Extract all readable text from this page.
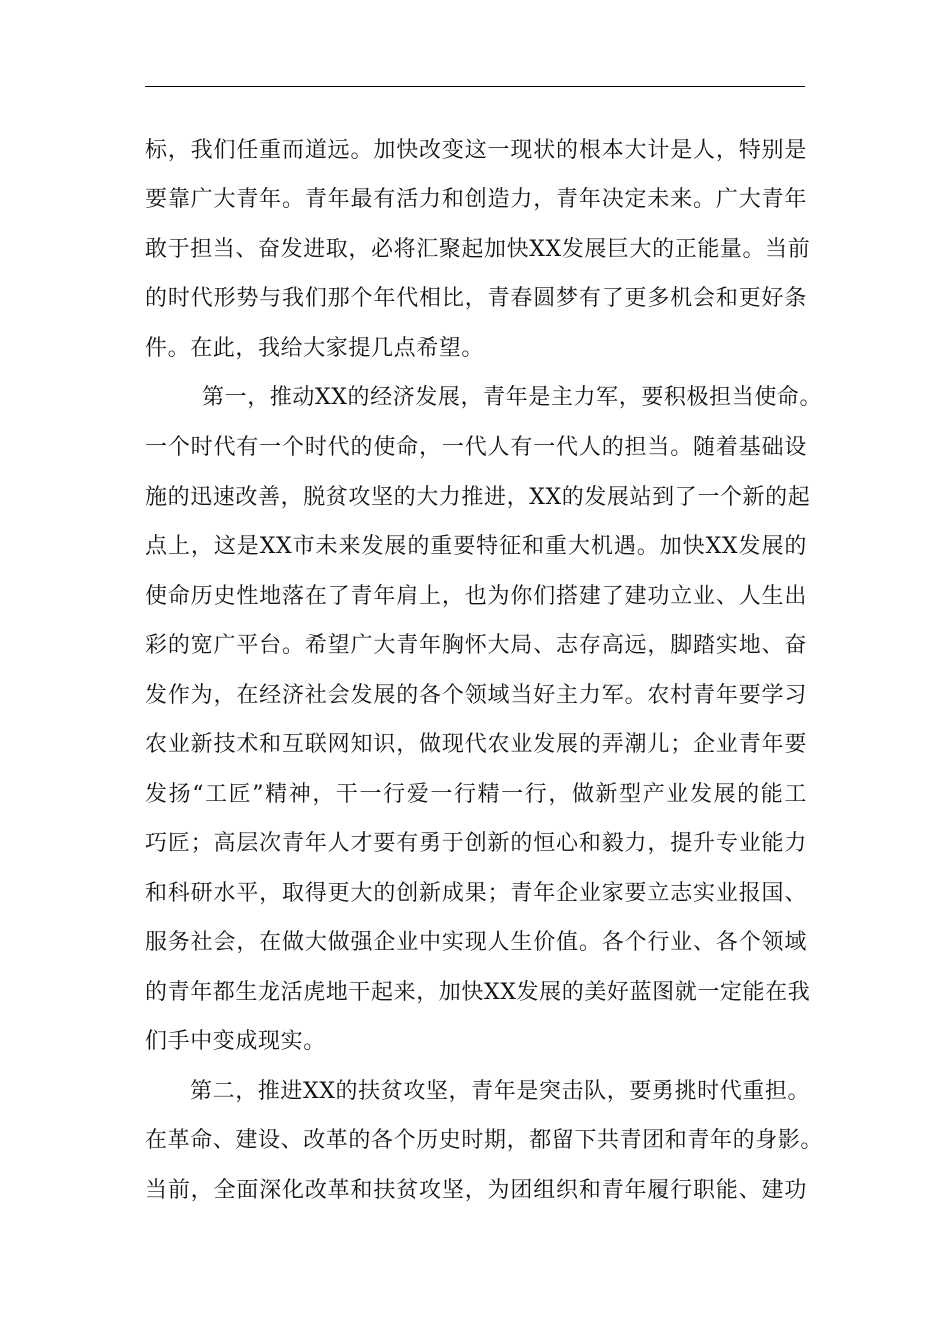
标，我们任重而道远。加快改变这一现状的根本大计是人，特别是
要靠广大青年。青年最有活力和创造力，青年决定未来。广大青年
敢于担当、奋发进取，必将汇聚起加快XX发展巨大的正能量。当前
的时代形势与我们那个年代相比，青春圆梦有了更多机会和更好条
件。在此，我给大家提几点希望。
第一，推动XX的经济发展，青年是主力军，要积极担当使命。
一个时代有一个时代的使命，一代人有一代人的担当。随着基础设
施的迅速改善，脱贫攻坚的大力推进，XX的发展站到了一个新的起
点上，这是XX市未来发展的重要特征和重大机遇。加快XX发展的
使命历史性地落在了青年肩上，也为你们搭建了建功立业、人生出
彩的宽广平台。希望广大青年胸怀大局、志存高远，脚踏实地、奋
发作为，在经济社会发展的各个领域当好主力军。农村青年要学习
农业新技术和互联网知识，做现代农业发展的弄潮儿；企业青年要
发扬“工匠”精神，干一行爱一行精一行，做新型产业发展的能工
巧匠；高层次青年人才要有勇于创新的恒心和毅力，提升专业能力
和科研水平，取得更大的创新成果；青年企业家要立志实业报国、
服务社会，在做大做强企业中实现人生价值。各个行业、各个领域
的青年都生龙活虎地干起来，加快XX发展的美好蓝图就一定能在我
们手中变成现实。
第二，推进XX的扶贫攻坚，青年是突击队，要勇挑时代重担。
在革命、建设、改革的各个历史时期，都留下共青团和青年的身影。
当前，全面深化改革和扶贫攻坚，为团组织和青年履行职能、建功
